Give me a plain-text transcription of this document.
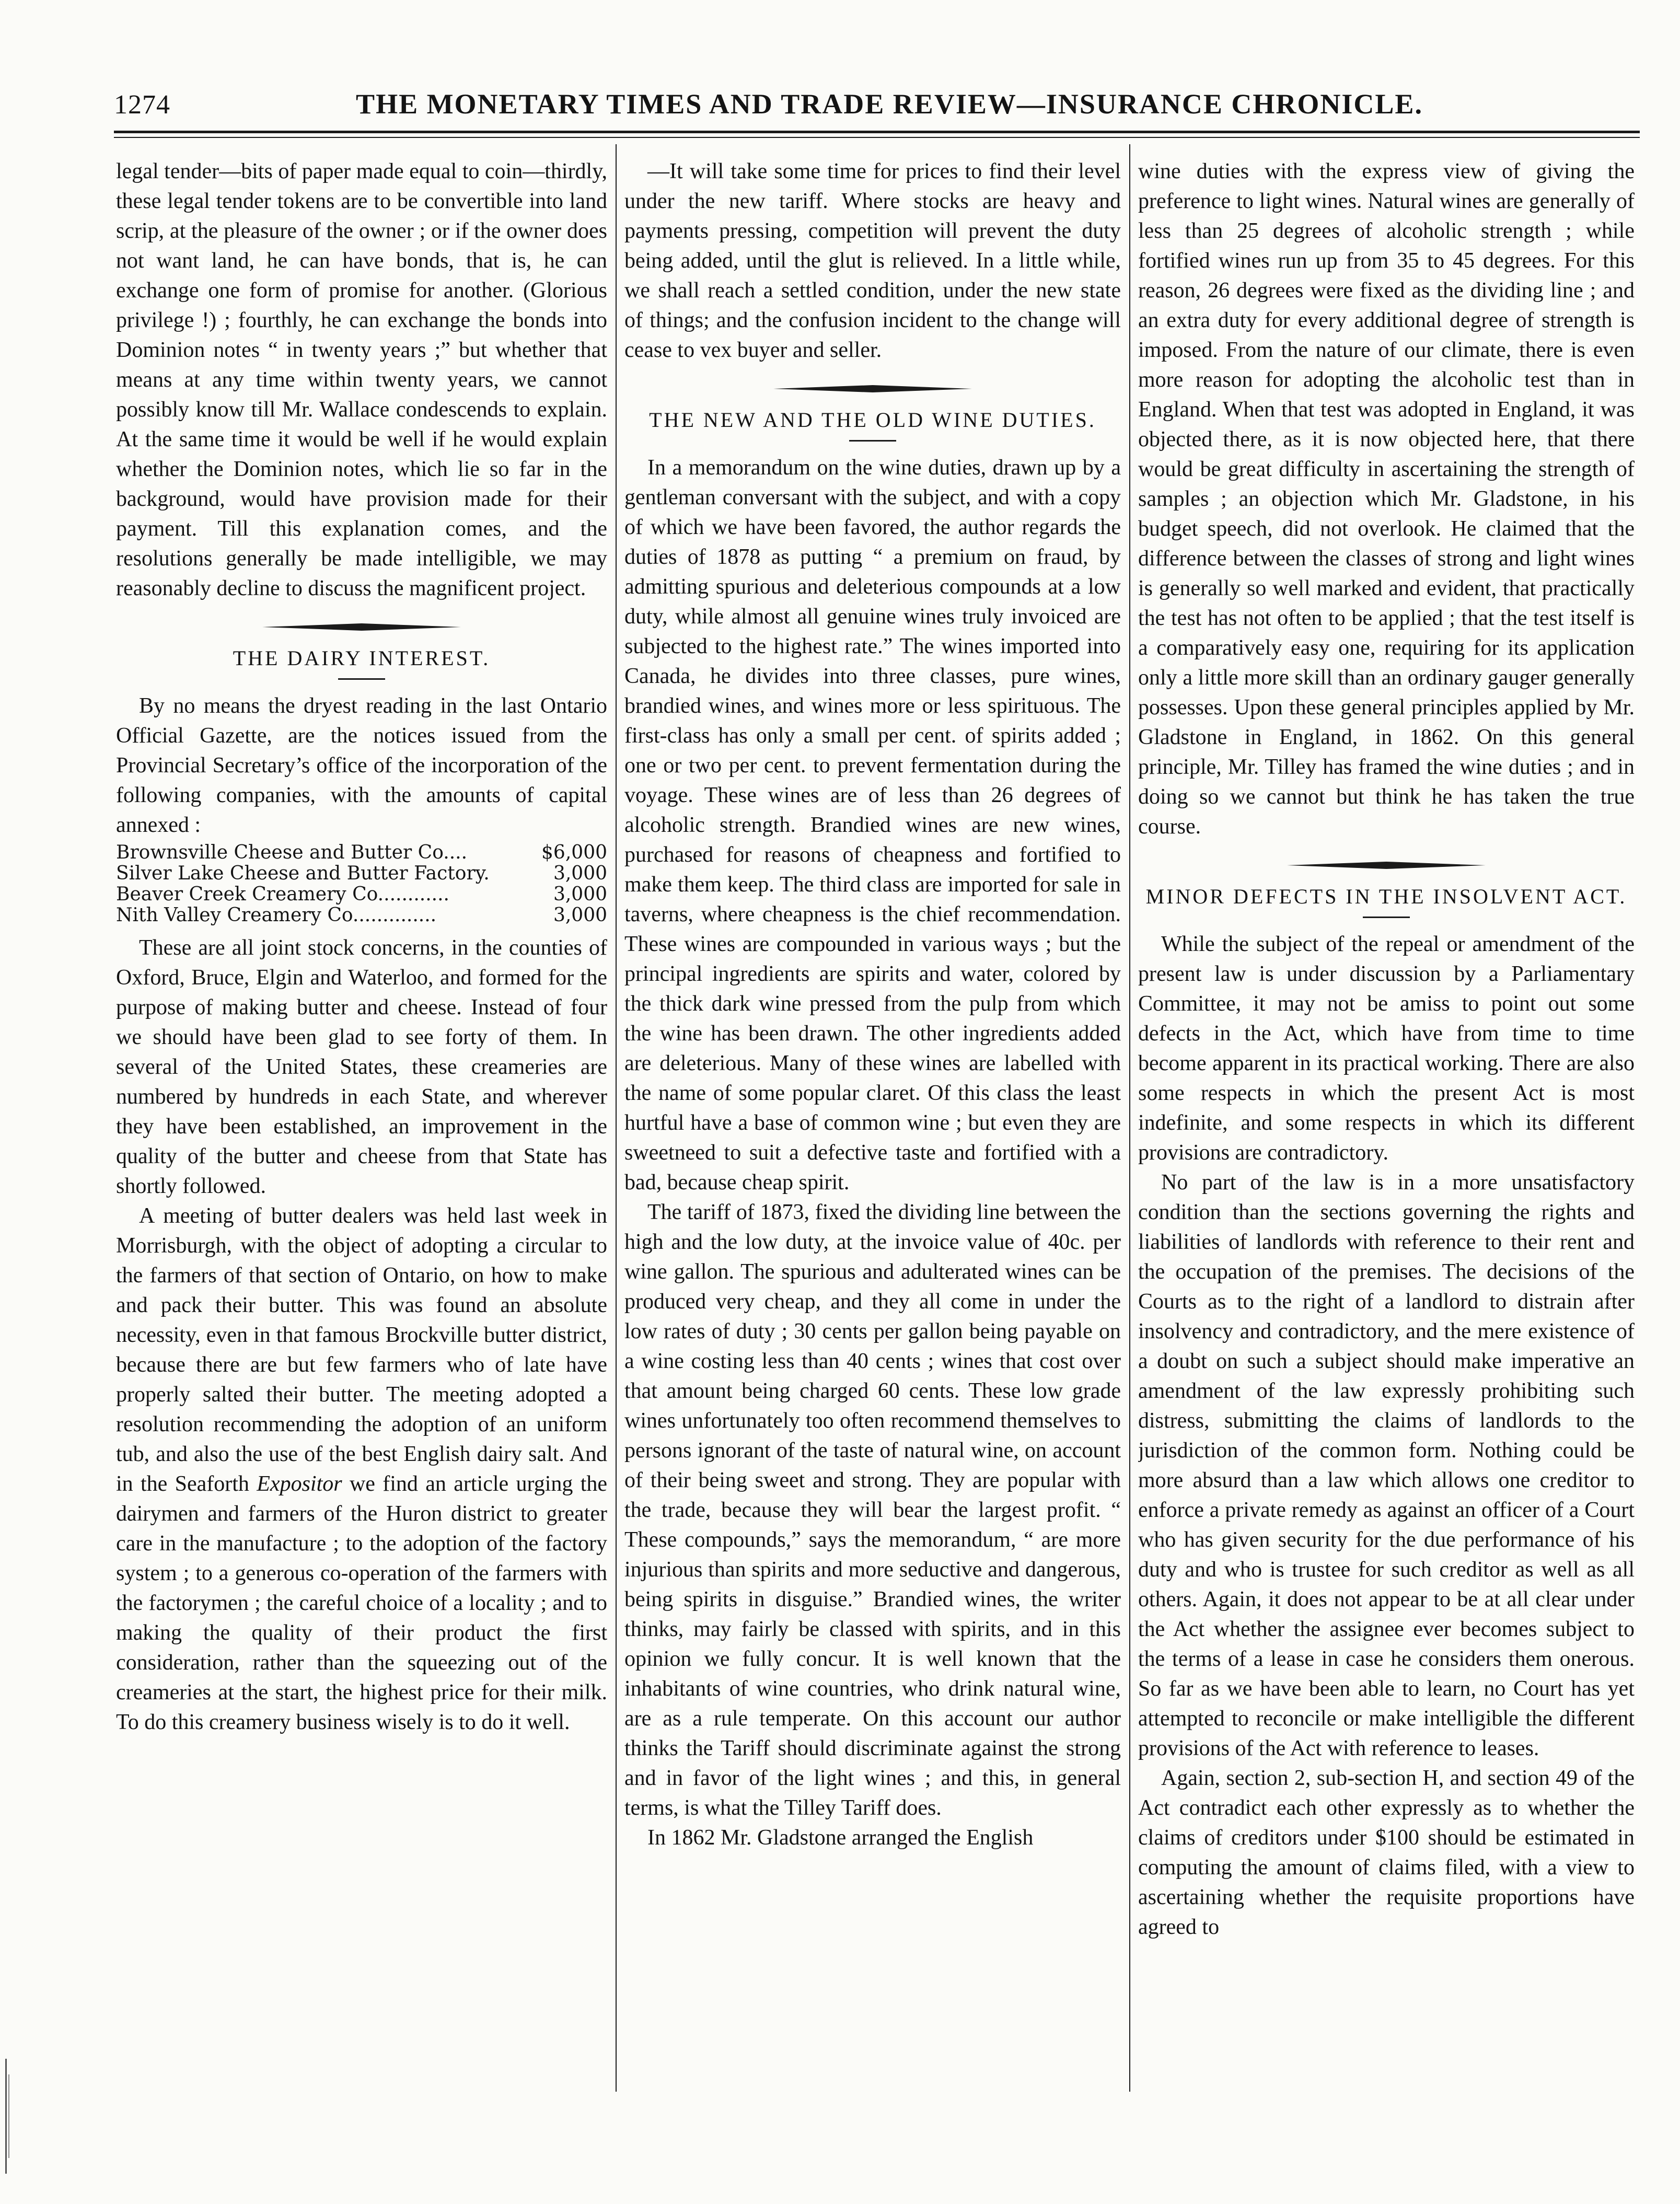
1274	THE MONETARY TIMES AND TRADE REVIEW—INSURANCE CHRONICLE.

legal tender—bits of paper made equal to coin—thirdly, these legal tender tokens are to be convertible into land scrip, at the pleasure of the owner ; or if the owner does not want land, he can have bonds, that is, he can exchange one form of promise for another. (Glorious privilege !) ; fourthly, he can exchange the bonds into Dominion notes “ in twenty years ;” but whether that means at any time within twenty years, we cannot possibly know till Mr. Wallace condescends to explain. At the same time it would be well if he would explain whether the Dominion notes, which lie so far in the background, would have provision made for their payment. Till this explanation comes, and the resolutions generally be made intelligible, we may reasonably decline to discuss the magnificent project.

THE DAIRY INTEREST.

By no means the dryest reading in the last Ontario Official Gazette, are the notices issued from the Provincial Secretary’s office of the incorporation of the following companies, with the amounts of capital annexed :

Brownsville Cheese and Butter Co....	$6,000
Silver Lake Cheese and Butter Factory.	3,000
Beaver Creek Creamery Co............	3,000
Nith Valley Creamery Co..............	3,000

These are all joint stock concerns, in the counties of Oxford, Bruce, Elgin and Waterloo, and formed for the purpose of making butter and cheese. Instead of four we should have been glad to see forty of them. In several of the United States, these creameries are numbered by hundreds in each State, and wherever they have been established, an improvement in the quality of the butter and cheese from that State has shortly followed.

A meeting of butter dealers was held last week in Morrisburgh, with the object of adopting a circular to the farmers of that section of Ontario, on how to make and pack their butter. This was found an absolute necessity, even in that famous Brockville butter district, because there are but few farmers who of late have properly salted their butter. The meeting adopted a resolution recommending the adoption of an uniform tub, and also the use of the best English dairy salt. And in the Seaforth Expositor we find an article urging the dairymen and farmers of the Huron district to greater care in the manufacture ; to the adoption of the factory system ; to a generous co-operation of the farmers with the factorymen ; the careful choice of a locality ; and to making the quality of their product the first consideration, rather than the squeezing out of the creameries at the start, the highest price for their milk. To do this creamery business wisely is to do it well.

—It will take some time for prices to find their level under the new tariff. Where stocks are heavy and payments pressing, competition will prevent the duty being added, until the glut is relieved. In a little while, we shall reach a settled condition, under the new state of things; and the confusion incident to the change will cease to vex buyer and seller.

THE NEW AND THE OLD WINE DUTIES.

In a memorandum on the wine duties, drawn up by a gentleman conversant with the subject, and with a copy of which we have been favored, the author regards the duties of 1878 as putting “ a premium on fraud, by admitting spurious and deleterious compounds at a low duty, while almost all genuine wines truly invoiced are subjected to the highest rate.” The wines imported into Canada, he divides into three classes, pure wines, brandied wines, and wines more or less spirituous. The first-class has only a small per cent. of spirits added ; one or two per cent. to prevent fermentation during the voyage. These wines are of less than 26 degrees of alcoholic strength. Brandied wines are new wines, purchased for reasons of cheapness and fortified to make them keep. The third class are imported for sale in taverns, where cheapness is the chief recommendation. These wines are compounded in various ways ; but the principal ingredients are spirits and water, colored by the thick dark wine pressed from the pulp from which the wine has been drawn. The other ingredients added are deleterious. Many of these wines are labelled with the name of some popular claret. Of this class the least hurtful have a base of common wine ; but even they are sweetneed to suit a defective taste and fortified with a bad, because cheap spirit.

The tariff of 1873, fixed the dividing line between the high and the low duty, at the invoice value of 40c. per wine gallon. The spurious and adulterated wines can be produced very cheap, and they all come in under the low rates of duty ; 30 cents per gallon being payable on a wine costing less than 40 cents ; wines that cost over that amount being charged 60 cents. These low grade wines unfortunately too often recommend themselves to persons ignorant of the taste of natural wine, on account of their being sweet and strong. They are popular with the trade, because they will bear the largest profit. “ These compounds,” says the memorandum, “ are more injurious than spirits and more seductive and dangerous, being spirits in disguise.” Brandied wines, the writer thinks, may fairly be classed with spirits, and in this opinion we fully concur. It is well known that the inhabitants of wine countries, who drink natural wine, are as a rule temperate. On this account our author thinks the Tariff should discriminate against the strong and in favor of the light wines ; and this, in general terms, is what the Tilley Tariff does.

In 1862 Mr. Gladstone arranged the English

wine duties with the express view of giving the preference to light wines. Natural wines are generally of less than 25 degrees of alcoholic strength ; while fortified wines run up from 35 to 45 degrees. For this reason, 26 degrees were fixed as the dividing line ; and an extra duty for every additional degree of strength is imposed. From the nature of our climate, there is even more reason for adopting the alcoholic test than in England. When that test was adopted in England, it was objected there, as it is now objected here, that there would be great difficulty in ascertaining the strength of samples ; an objection which Mr. Gladstone, in his budget speech, did not overlook. He claimed that the difference between the classes of strong and light wines is generally so well marked and evident, that practically the test has not often to be applied ; that the test itself is a comparatively easy one, requiring for its application only a little more skill than an ordinary gauger generally possesses. Upon these general principles applied by Mr. Gladstone in England, in 1862. On this general principle, Mr. Tilley has framed the wine duties ; and in doing so we cannot but think he has taken the true course.

MINOR DEFECTS IN THE INSOLVENT ACT.

While the subject of the repeal or amendment of the present law is under discussion by a Parliamentary Committee, it may not be amiss to point out some defects in the Act, which have from time to time become apparent in its practical working. There are also some respects in which the present Act is most indefinite, and some respects in which its different provisions are contradictory.

No part of the law is in a more unsatisfactory condition than the sections governing the rights and liabilities of landlords with reference to their rent and the occupation of the premises. The decisions of the Courts as to the right of a landlord to distrain after insolvency and contradictory, and the mere existence of a doubt on such a subject should make imperative an amendment of the law expressly prohibiting such distress, submitting the claims of landlords to the jurisdiction of the common form. Nothing could be more absurd than a law which allows one creditor to enforce a private remedy as against an officer of a Court who has given security for the due performance of his duty and who is trustee for such creditor as well as all others. Again, it does not appear to be at all clear under the Act whether the assignee ever becomes subject to the terms of a lease in case he considers them onerous. So far as we have been able to learn, no Court has yet attempted to reconcile or make intelligible the different provisions of the Act with reference to leases.

Again, section 2, sub-section H, and section 49 of the Act contradict each other expressly as to whether the claims of creditors under $100 should be estimated in computing the amount of claims filed, with a view to ascertaining whether the requisite proportions have agreed to
